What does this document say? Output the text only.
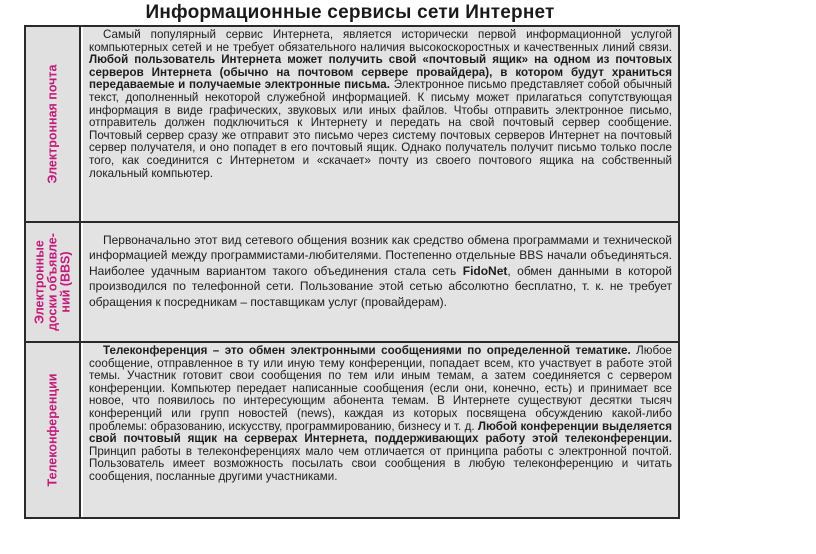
Информационные сервисы сети Интернет
Электронная почта

Самый популярный сервис Интернета, является исторически первой информационной услугой компьютерных сетей и не требует обязательного наличия высокоскоростных и качественных линий связи. Любой пользователь Интернета может получить свой «почтовый ящик» на одном из почтовых серверов Интернета (обычно на почтовом сервере провайдера), в котором будут храниться передаваемые и получаемые электронные письма. Электронное письмо представляет собой обычный текст, дополненный некоторой служебной информацией. К письму может прилагаться сопутствующая информация в виде графических, звуковых или иных файлов. Чтобы отправить электронное письмо, отправитель должен подключиться к Интернету и передать на свой почтовый сервер сообщение. Почтовый сервер сразу же отправит это письмо через систему почтовых серверов Интернет на почтовый сервер получателя, и оно попадет в его почтовый ящик. Однако получатель получит письмо только после того, как соединится с Интернетом и «скачает» почту из своего почтового ящика на собственный локальный компьютер.

Электронные доски объявле- ний (BBS)

Первоначально этот вид сетевого общения возник как средство обмена программами и технической информацией между программистами-любителями. Постепенно отдельные BBS начали объединяться. Наиболее удачным вариантом такого объединения стала сеть FidoNet, обмен данными в которой производился по телефонной сети. Пользование этой сетью абсолютно бесплатно, т. к. не требует обращения к посредникам – поставщикам услуг (провайдерам).

Телеконференции

Телеконференция – это обмен электронными сообщениями по определенной тематике. Любое сообщение, отправленное в ту или иную тему конференции, попадает всем, кто участвует в работе этой темы. Участник готовит свои сообщения по тем или иным темам, а затем соединяется с сервером конференции. Компьютер передает написанные сообщения (если они, конечно, есть) и принимает все новое, что появилось по интересующим абонента темам. В Интернете существуют десятки тысяч конференций или групп новостей (news), каждая из которых посвящена обсуждению какой-либо проблемы: образованию, искусству, программированию, бизнесу и т. д. Любой конференции выделяется свой почтовый ящик на серверах Интернета, поддерживающих работу этой телеконференции. Принцип работы в телеконференциях мало чем отличается от принципа работы с электронной почтой. Пользователь имеет возможность посылать свои сообщения в любую телеконференцию и читать сообщения, посланные другими участниками.
